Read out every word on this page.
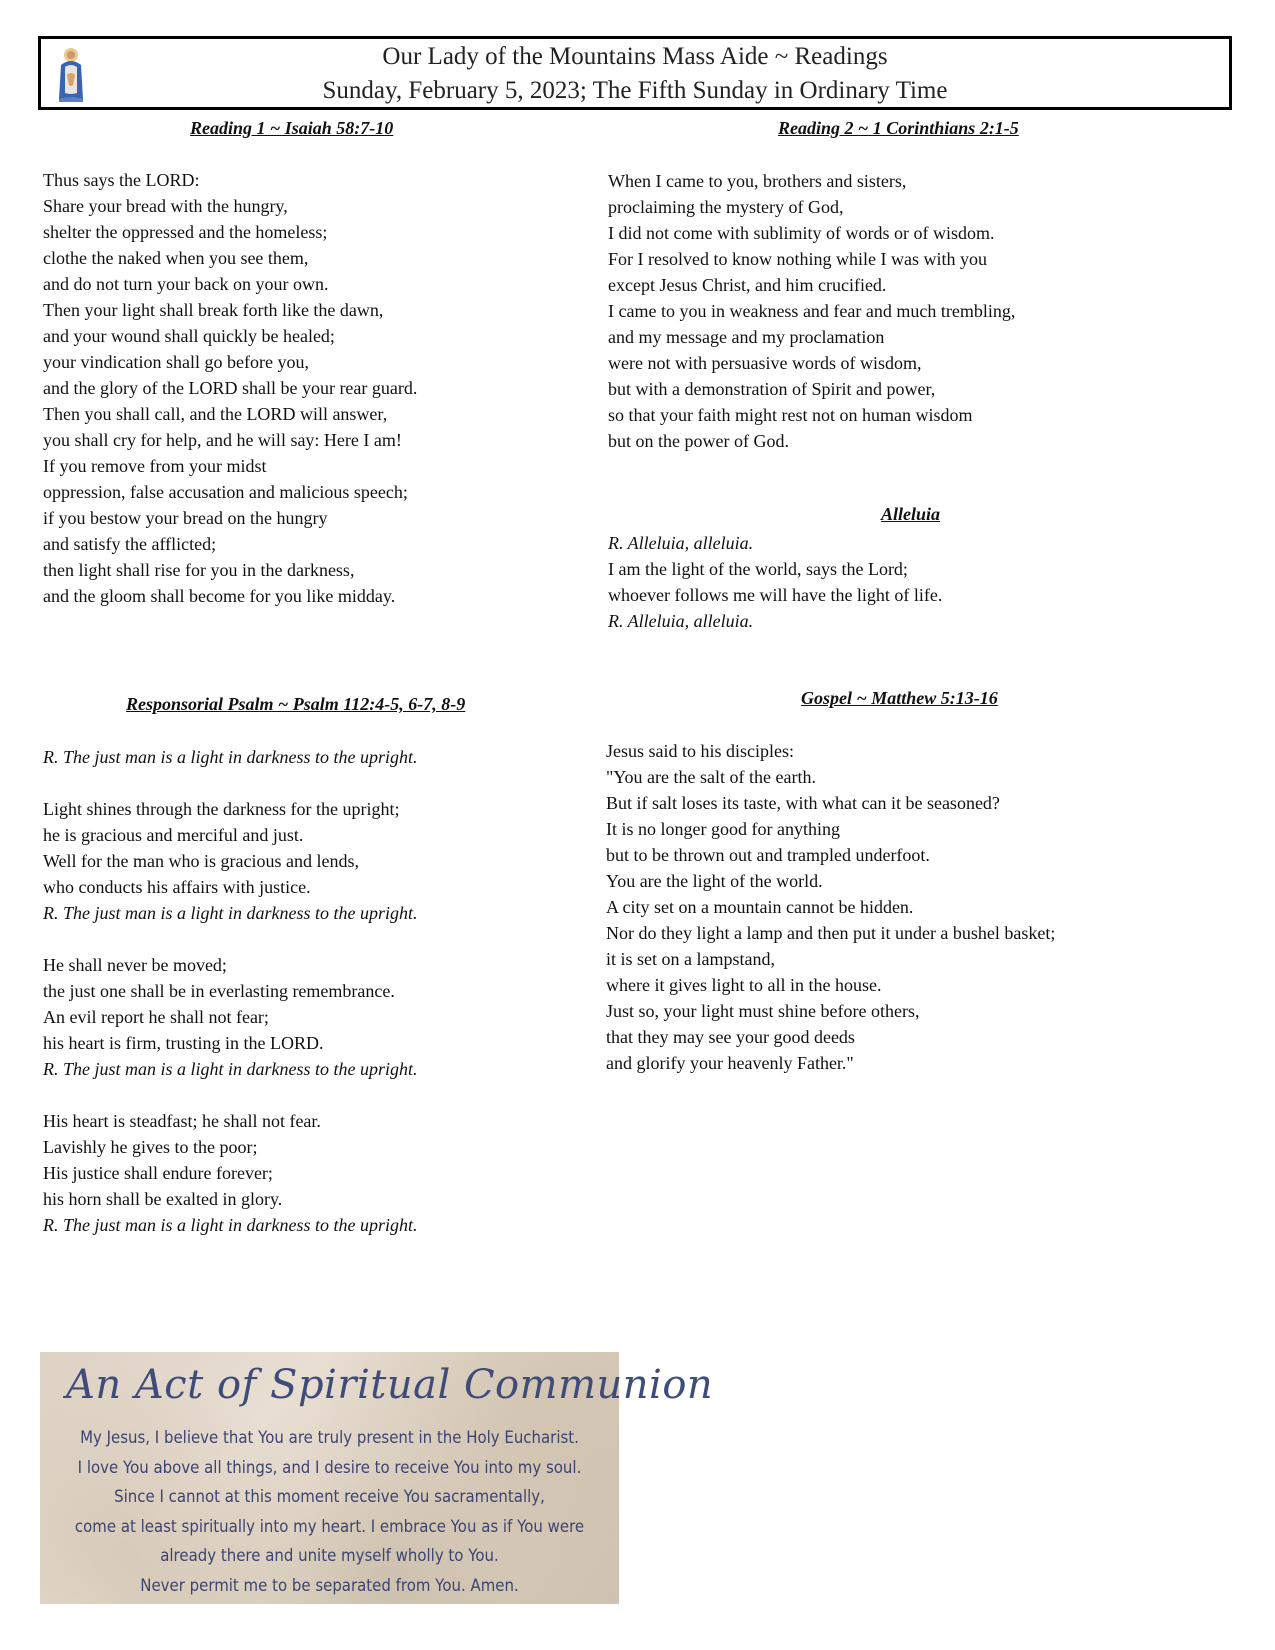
Our Lady of the Mountains Mass Aide ~ Readings
Sunday, February 5, 2023; The Fifth Sunday in Ordinary Time
Reading 1 ~ Isaiah 58:7-10
Thus says the LORD:
Share your bread with the hungry,
shelter the oppressed and the homeless;
clothe the naked when you see them,
and do not turn your back on your own.
Then your light shall break forth like the dawn,
and your wound shall quickly be healed;
your vindication shall go before you,
and the glory of the LORD shall be your rear guard.
Then you shall call, and the LORD will answer,
you shall cry for help, and he will say: Here I am!
If you remove from your midst
oppression, false accusation and malicious speech;
if you bestow your bread on the hungry
and satisfy the afflicted;
then light shall rise for you in the darkness,
and the gloom shall become for you like midday.
Reading 2 ~ 1 Corinthians 2:1-5
When I came to you, brothers and sisters,
proclaiming the mystery of God,
I did not come with sublimity of words or of wisdom.
For I resolved to know nothing while I was with you
except Jesus Christ, and him crucified.
I came to you in weakness and fear and much trembling,
and my message and my proclamation
were not with persuasive words of wisdom,
but with a demonstration of Spirit and power,
so that your faith might rest not on human wisdom
but on the power of God.
Alleluia
R. Alleluia, alleluia.
I am the light of the world, says the Lord;
whoever follows me will have the light of life.
R. Alleluia, alleluia.
Responsorial Psalm ~ Psalm 112:4-5, 6-7, 8-9
R. The just man is a light in darkness to the upright.
Light shines through the darkness for the upright;
he is gracious and merciful and just.
Well for the man who is gracious and lends,
who conducts his affairs with justice.
R. The just man is a light in darkness to the upright.
He shall never be moved;
the just one shall be in everlasting remembrance.
An evil report he shall not fear;
his heart is firm, trusting in the LORD.
R. The just man is a light in darkness to the upright.
His heart is steadfast; he shall not fear.
Lavishly he gives to the poor;
His justice shall endure forever;
his horn shall be exalted in glory.
R. The just man is a light in darkness to the upright.
Gospel ~ Matthew 5:13-16
Jesus said to his disciples:
"You are the salt of the earth.
But if salt loses its taste, with what can it be seasoned?
It is no longer good for anything
but to be thrown out and trampled underfoot.
You are the light of the world.
A city set on a mountain cannot be hidden.
Nor do they light a lamp and then put it under a bushel basket;
it is set on a lampstand,
where it gives light to all in the house.
Just so, your light must shine before others,
that they may see your good deeds
and glorify your heavenly Father."
An Act of Spiritual Communion
My Jesus, I believe that You are truly present in the Holy Eucharist.
I love You above all things, and I desire to receive You into my soul.
Since I cannot at this moment receive You sacramentally,
come at least spiritually into my heart. I embrace You as if You were
already there and unite myself wholly to You.
Never permit me to be separated from You. Amen.
